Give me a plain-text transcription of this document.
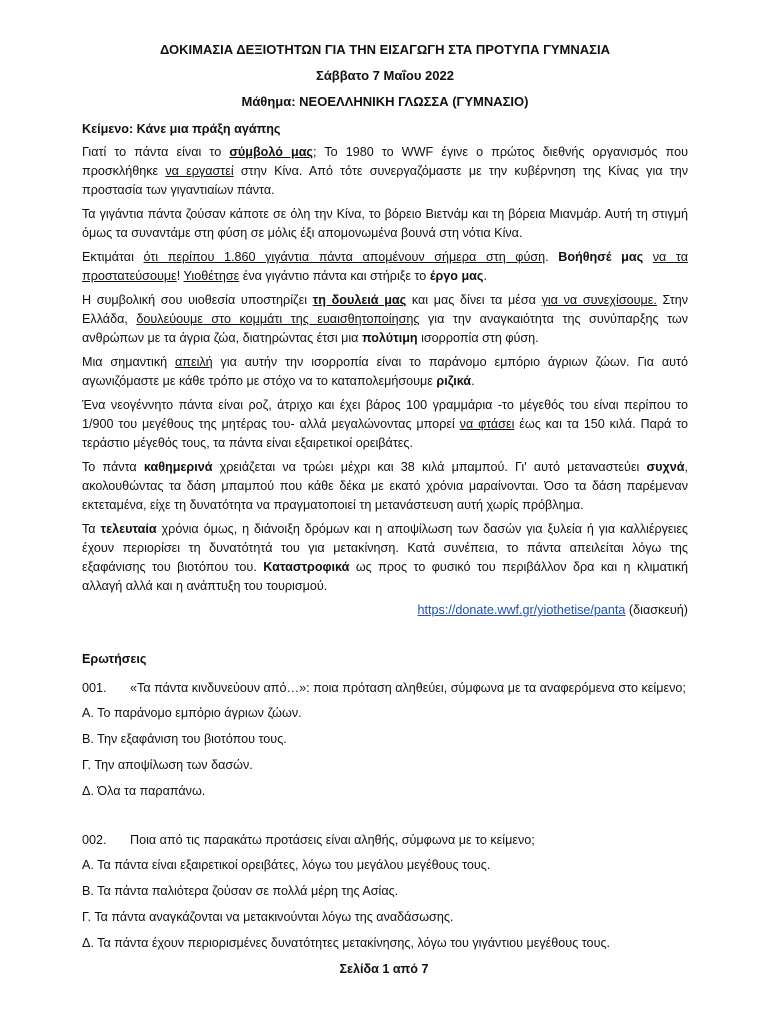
ΔΟΚΙΜΑΣΙΑ ΔΕΞΙΟΤΗΤΩΝ ΓΙΑ ΤΗΝ ΕΙΣΑΓΩΓΗ ΣΤΑ ΠΡΟΤΥΠΑ ΓΥΜΝΑΣΙΑ
Σάββατο 7 Μαΐου 2022
Μάθημα: ΝΕΟΕΛΛΗΝΙΚΗ ΓΛΩΣΣΑ (ΓΥΜΝΑΣΙΟ)
Κείμενο: Κάνε μια πράξη αγάπης

Γιατί το πάντα είναι το σύμβολό μας; Το 1980 το WWF έγινε ο πρώτος διεθνής οργανισμός που προσκλήθηκε να εργαστεί στην Κίνα. Από τότε συνεργαζόμαστε με την κυβέρνηση της Κίνας για την προστασία των γιγαντιαίων πάντα.

Τα γιγάντια πάντα ζούσαν κάποτε σε όλη την Κίνα, το βόρειο Βιετνάμ και τη βόρεια Μιανμάρ. Αυτή τη στιγμή όμως τα συναντάμε στη φύση σε μόλις έξι απομονωμένα βουνά στη νότια Κίνα.

Εκτιμάται ότι περίπου 1.860 γιγάντια πάντα απομένουν σήμερα στη φύση. Βοήθησέ μας να τα προστατεύσουμε! Υιοθέτησε ένα γιγάντιο πάντα και στήριξε το έργο μας.

Η συμβολική σου υιοθεσία υποστηρίζει τη δουλειά μας και μας δίνει τα μέσα για να συνεχίσουμε. Στην Ελλάδα, δουλεύουμε στο κομμάτι της ευαισθητοποίησης για την αναγκαιότητα της συνύπαρξης των ανθρώπων με τα άγρια ζώα, διατηρώντας έτσι μια πολύτιμη ισορροπία στη φύση.

Μια σημαντική απειλή για αυτήν την ισορροπία είναι το παράνομο εμπόριο άγριων ζώων. Για αυτό αγωνιζόμαστε με κάθε τρόπο με στόχο να το καταπολεμήσουμε ριζικά.

Ένα νεογέννητο πάντα είναι ροζ, άτριχο και έχει βάρος 100 γραμμάρια -το μέγεθός του είναι περίπου το 1/900 του μεγέθους της μητέρας του- αλλά μεγαλώνοντας μπορεί να φτάσει έως και τα 150 κιλά. Παρά το τεράστιο μέγεθός τους, τα πάντα είναι εξαιρετικοί ορειβάτες.

Το πάντα καθημερινά χρειάζεται να τρώει μέχρι και 38 κιλά μπαμπού. Γι' αυτό μεταναστεύει συχνά, ακολουθώντας τα δάση μπαμπού που κάθε δέκα με εκατό χρόνια μαραίνονται. Όσο τα δάση παρέμεναν εκτεταμένα, είχε τη δυνατότητα να πραγματοποιεί τη μετανάστευση αυτή χωρίς πρόβλημα.

Τα τελευταία χρόνια όμως, η διάνοιξη δρόμων και η αποψίλωση των δασών για ξυλεία ή για καλλιέργειες έχουν περιορίσει τη δυνατότητά του για μετακίνηση. Κατά συνέπεια, το πάντα απειλείται λόγω της εξαφάνισης του βιοτόπου του. Καταστροφικά ως προς το φυσικό του περιβάλλον δρα και η κλιματική αλλαγή αλλά και η ανάπτυξη του τουρισμού.

https://donate.wwf.gr/yiothetise/panta (διασκευή)
Ερωτήσεις
001.	«Τα πάντα κινδυνεύουν από…»: ποια πρόταση αληθεύει, σύμφωνα με τα αναφερόμενα στο κείμενο;
Α. Το παράνομο εμπόριο άγριων ζώων.
Β. Την εξαφάνιση του βιοτόπου τους.
Γ. Την αποψίλωση των δασών.
Δ. Όλα τα παραπάνω.
002.	Ποια από τις παρακάτω προτάσεις είναι αληθής, σύμφωνα με το κείμενο;
Α. Τα πάντα είναι εξαιρετικοί ορειβάτες, λόγω του μεγάλου μεγέθους τους.
Β. Τα πάντα παλιότερα ζούσαν σε πολλά μέρη της Ασίας.
Γ. Τα πάντα αναγκάζονται να μετακινούνται λόγω της αναδάσωσης.
Δ. Τα πάντα έχουν περιορισμένες δυνατότητες μετακίνησης, λόγω του γιγάντιου μεγέθους τους.
Σελίδα 1 από 7
